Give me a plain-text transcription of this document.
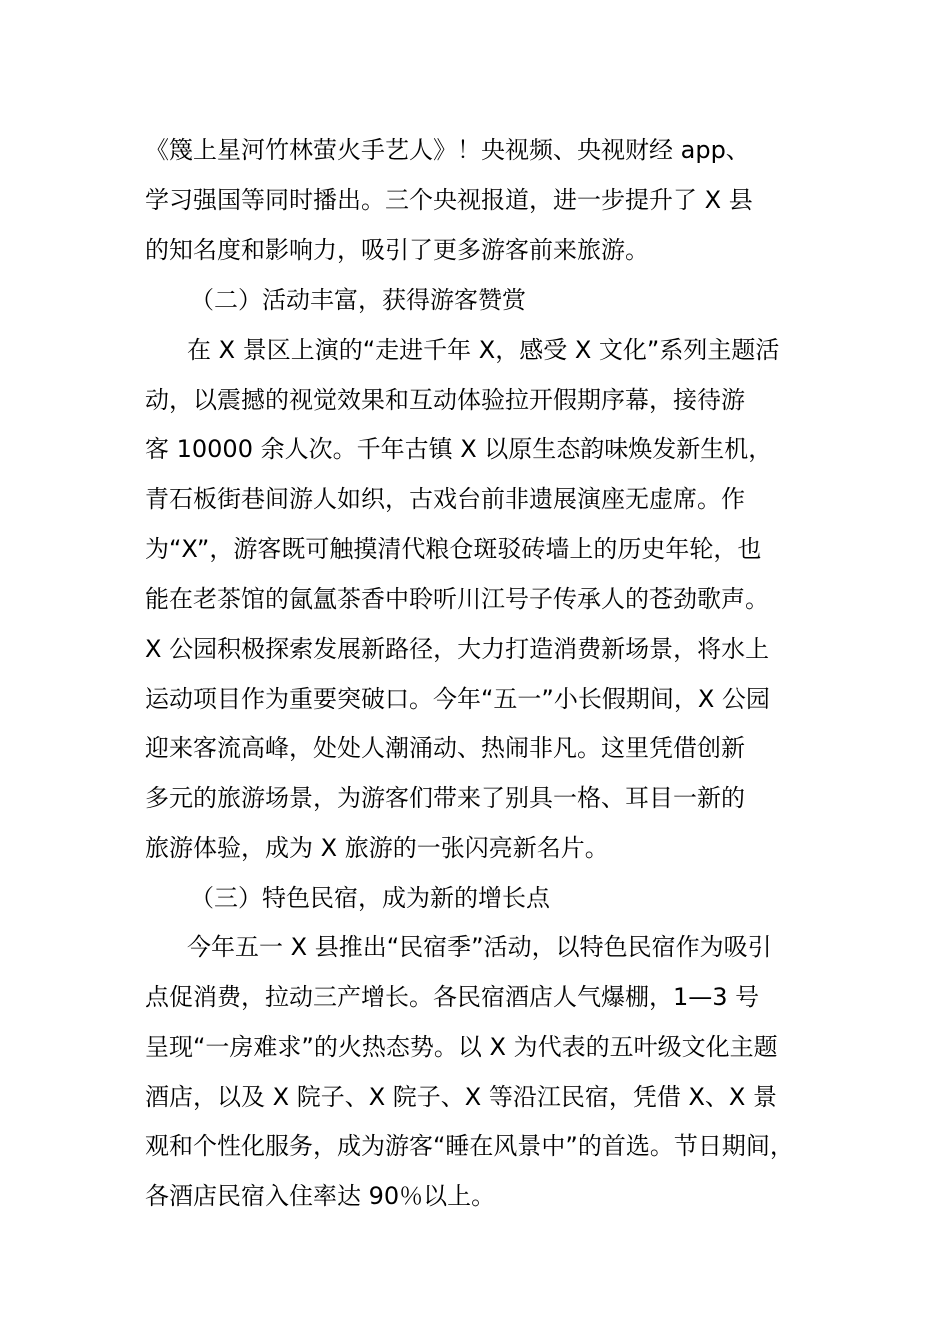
《篾上星河竹林萤火手艺人》！央视频、央视财经 app、

学习强国等同时播出。三个央视报道，进一步提升了 X 县

的知名度和影响力，吸引了更多游客前来旅游。

（二）活动丰富，获得游客赞赏

在 X 景区上演的“走进千年 X，感受 X 文化”系列主题活

动，以震撼的视觉效果和互动体验拉开假期序幕，接待游

客 10000 余人次。千年古镇 X 以原生态韵味焕发新生机，

青石板街巷间游人如织，古戏台前非遗展演座无虚席。作

为“X”，游客既可触摸清代粮仓斑驳砖墙上的历史年轮，也

能在老茶馆的氤氲茶香中聆听川江号子传承人的苍劲歌声。

X 公园积极探索发展新路径，大力打造消费新场景，将水上

运动项目作为重要突破口。今年“五一”小长假期间，X 公园

迎来客流高峰，处处人潮涌动、热闹非凡。这里凭借创新

多元的旅游场景，为游客们带来了别具一格、耳目一新的

旅游体验，成为 X 旅游的一张闪亮新名片。

（三）特色民宿，成为新的增长点

今年五一 X 县推出“民宿季”活动，以特色民宿作为吸引

点促消费，拉动三产增长。各民宿酒店人气爆棚，1—3 号

呈现“一房难求”的火热态势。以 X 为代表的五叶级文化主题

酒店，以及 X 院子、X 院子、X 等沿江民宿，凭借 X、X 景

观和个性化服务，成为游客“睡在风景中”的首选。节日期间，

各酒店民宿入住率达 90％以上。
